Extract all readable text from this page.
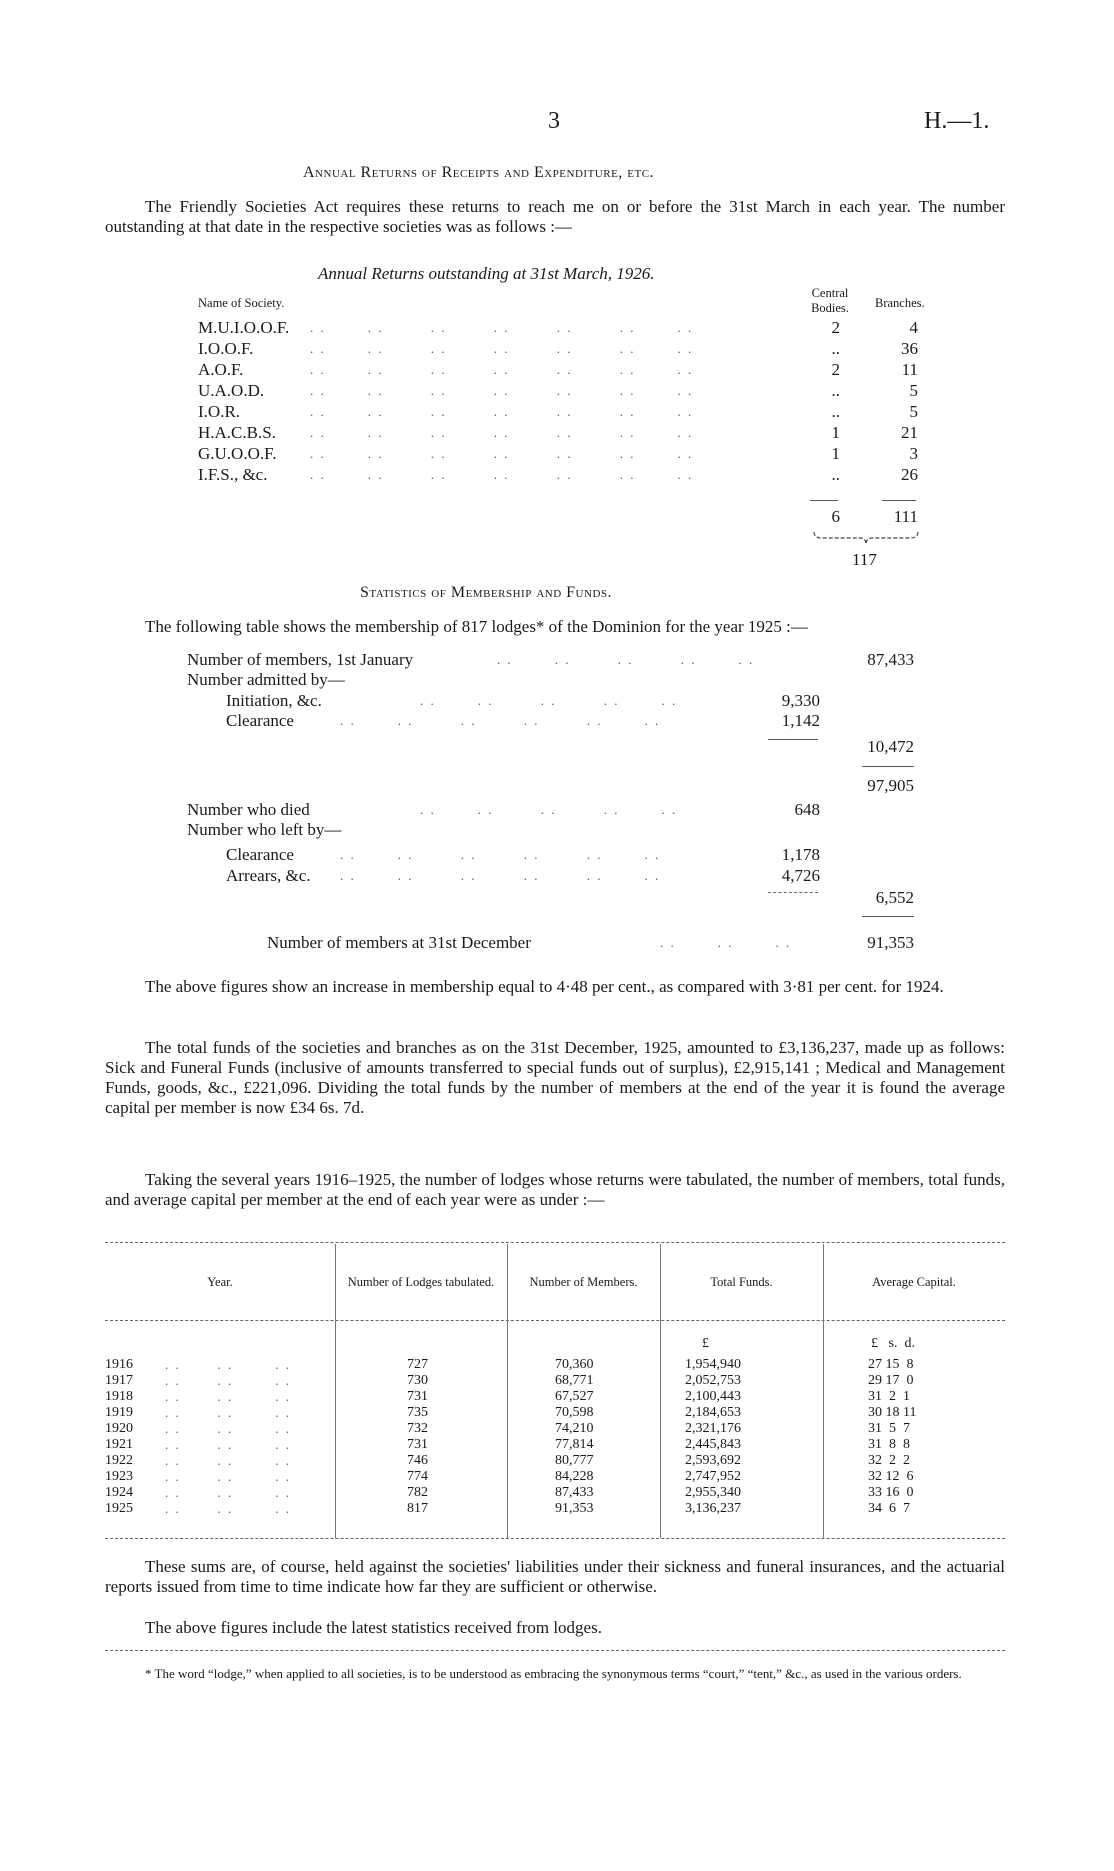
3	H.—1.
Annual Returns of Receipts and Expenditure, etc.
The Friendly Societies Act requires these returns to reach me on or before the 31st March in each year. The number outstanding at that date in the respective societies was as follows :—
Annual Returns outstanding at 31st March, 1926.
Name of Society.
Central Bodies.	Branches.
M.U.I.O.O.F. . .        . .         . .         . .         . .         . .        . .	2	4
I.O.O.F.	. .        . .         . .         . .         . .         . .        . .	..	36
A.O.F.	. .        . .         . .         . .         . .         . .        . .	2	11
U.A.O.D.	. .        . .         . .         . .         . .         . .        . .	..	5
I.O.R.	. .        . .         . .         . .         . .         . .        . .	..	5
H.A.C.B.S.	. .        . .         . .         . .         . .         . .        . .	1	21
G.U.O.O.F.	. .        . .         . .         . .         . .         . .        . .	1	3
I.F.S., &c.	. .        . .         . .         . .         . .         . .        . .	..	26
6	111
117
Statistics of Membership and Funds.
The following table shows the membership of 817 lodges* of the Dominion for the year 1925 :—
Number of members, 1st January	. .        . .         . .         . .        . .	87,433
Number admitted by—
Initiation, &c.	. .        . .         . .         . .        . .	9,330
Clearance	. .        . .         . .         . .         . .        . .	1,142
10,472
97,905
Number who died	. .        . .         . .         . .        . .	648
Number who left by—
Clearance	. .        . .         . .         . .         . .        . .	1,178
Arrears, &c. . .        . .         . .         . .         . .        . .	4,726
6,552
Number of members at 31st December	. .        . .        . .	91,353
The above figures show an increase in membership equal to 4·48 per cent., as compared with 3·81 per cent. for 1924.
The total funds of the societies and branches as on the 31st December, 1925, amounted to £3,136,237, made up as follows: Sick and Funeral Funds (inclusive of amounts transferred to special funds out of surplus), £2,915,141 ; Medical and Management Funds, goods, &c., £221,096. Dividing the total funds by the number of members at the end of the year it is found the average capital per member is now £34 6s. 7d.
Taking the several years 1916–1925, the number of lodges whose returns were tabulated, the number of members, total funds, and average capital per member at the end of each year were as under :—
Year.	Number of Lodges tabulated.	Number of Members.	Total Funds.	Average Capital.
			£	£   s.  d.
1916 . .       . .        . .	727	70,360	1,954,940	27 15  8
1917 . .       . .        . .	730	68,771	2,052,753	29 17  0
1918 . .       . .        . .	731	67,527	2,100,443	31  2  1
1919 . .       . .        . .	735	70,598	2,184,653	30 18 11
1920 . .       . .        . .	732	74,210	2,321,176	31  5  7
1921 . .       . .        . .	731	77,814	2,445,843	31  8  8
1922 . .       . .        . .	746	80,777	2,593,692	32  2  2
1923 . .       . .        . .	774	84,228	2,747,952	32 12  6
1924 . .       . .        . .	782	87,433	2,955,340	33 16  0
1925 . .       . .        . .	817	91,353	3,136,237	34  6  7
These sums are, of course, held against the societies' liabilities under their sickness and funeral insurances, and the actuarial reports issued from time to time indicate how far they are sufficient or otherwise.
The above figures include the latest statistics received from lodges.
* The word “lodge,” when applied to all societies, is to be understood as embracing the synonymous terms “court,” “tent,” &c., as used in the various orders.
